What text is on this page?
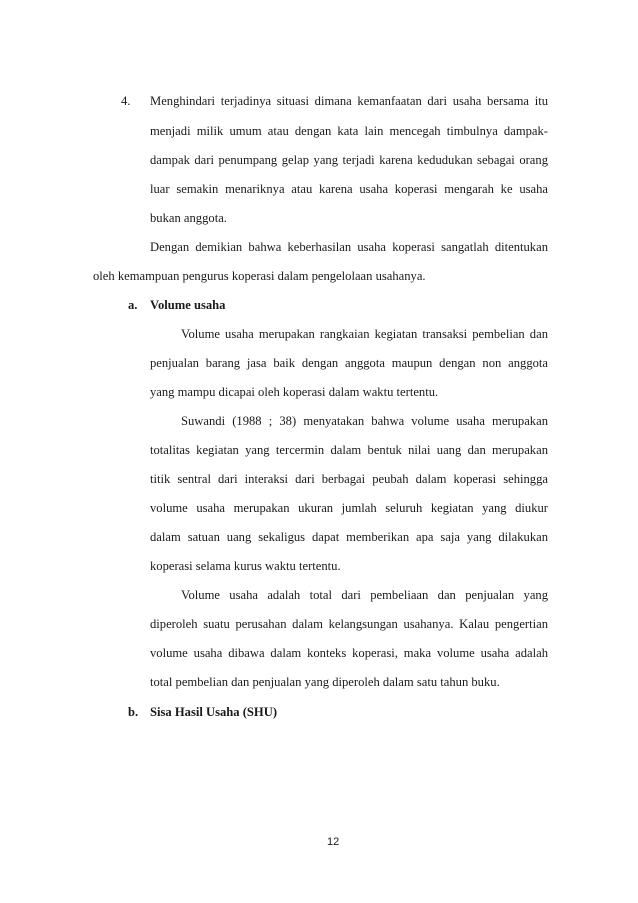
4. Menghindari terjadinya situasi dimana kemanfaatan dari usaha bersama itu
menjadi milik umum atau dengan kata lain mencegah timbulnya dampak-
dampak dari penumpang gelap yang terjadi karena kedudukan sebagai orang
luar semakin menariknya atau karena usaha koperasi mengarah ke usaha
bukan anggota.
Dengan demikian bahwa keberhasilan usaha koperasi sangatlah ditentukan
oleh kemampuan pengurus koperasi dalam pengelolaan usahanya.
a. Volume usaha
Volume usaha merupakan rangkaian kegiatan transaksi pembelian dan
penjualan barang jasa baik dengan anggota maupun dengan non anggota
yang mampu dicapai oleh koperasi dalam waktu tertentu.
Suwandi (1988 ; 38) menyatakan bahwa volume usaha merupakan
totalitas kegiatan yang tercermin dalam bentuk nilai uang dan merupakan
titik sentral dari interaksi dari berbagai peubah dalam koperasi sehingga
volume usaha merupakan ukuran jumlah seluruh kegiatan yang diukur
dalam satuan uang sekaligus dapat memberikan apa saja yang dilakukan
koperasi selama kurus waktu tertentu.
Volume usaha adalah total dari pembeliaan dan penjualan yang
diperoleh suatu perusahan dalam kelangsungan usahanya. Kalau pengertian
volume usaha dibawa dalam konteks koperasi, maka volume usaha adalah
total pembelian dan penjualan yang diperoleh dalam satu tahun buku.
b. Sisa Hasil Usaha (SHU)
12
